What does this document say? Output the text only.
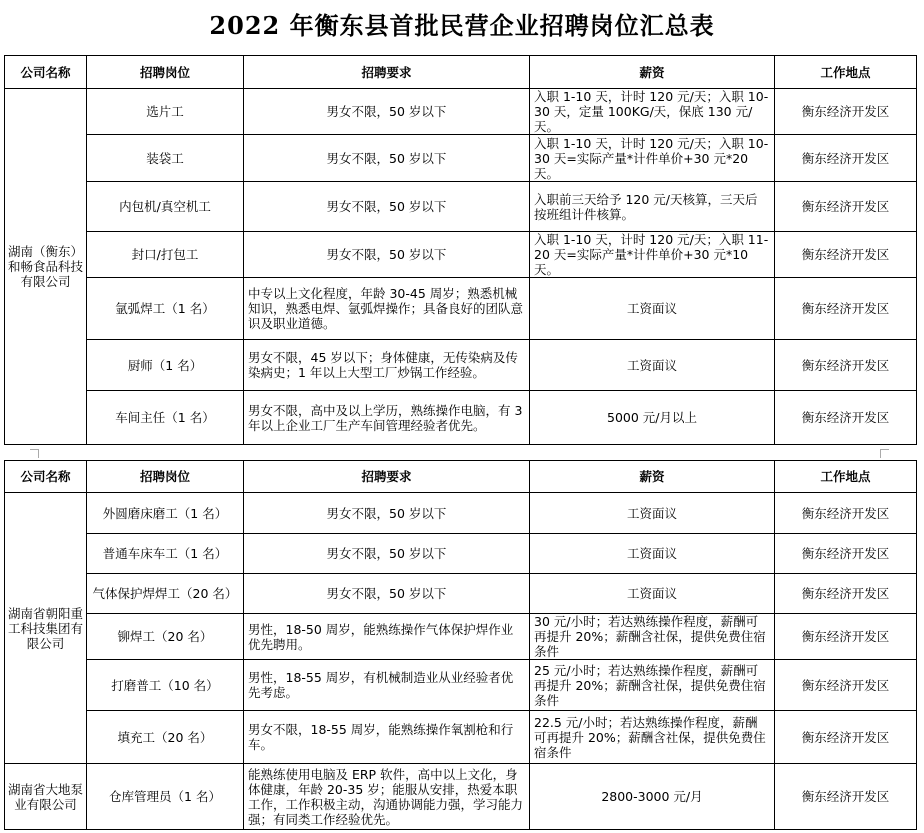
2022 年衡东县首批民营企业招聘岗位汇总表
公司名称	招聘岗位	招聘要求	薪资	工作地点
湖南（衡东）和畅食品科技有限公司	选片工	男女不限，50 岁以下	入职 1-10 天，计时 120 元/天；入职 10-30 天，定量 100KG/天，保底 130 元/天。	衡东经济开发区
	装袋工	男女不限，50 岁以下	入职 1-10 天，计时 120 元/天；入职 10-30 天=实际产量*计件单价+30 元*20 天。	衡东经济开发区
	内包机/真空机工	男女不限，50 岁以下	入职前三天给予 120 元/天核算，三天后按班组计件核算。	衡东经济开发区
	封口/打包工	男女不限，50 岁以下	入职 1-10 天，计时 120 元/天；入职 11-20 天=实际产量*计件单价+30 元*10 天。	衡东经济开发区
	氩弧焊工（1 名）	中专以上文化程度，年龄 30-45 周岁；熟悉机械知识，熟悉电焊、氩弧焊操作；具备良好的团队意识及职业道德。	工资面议	衡东经济开发区
	厨师（1 名）	男女不限，45 岁以下；身体健康，无传染病及传染病史；1 年以上大型工厂炒锅工作经验。	工资面议	衡东经济开发区
	车间主任（1 名）	男女不限，高中及以上学历，熟练操作电脑，有 3 年以上企业工厂生产车间管理经验者优先。	5000 元/月以上	衡东经济开发区
公司名称	招聘岗位	招聘要求	薪资	工作地点
湖南省朝阳重工科技集团有限公司	外圆磨床磨工（1 名）	男女不限，50 岁以下	工资面议	衡东经济开发区
	普通车床车工（1 名）	男女不限，50 岁以下	工资面议	衡东经济开发区
	气体保护焊焊工（20 名）	男女不限，50 岁以下	工资面议	衡东经济开发区
	铆焊工（20 名）	男性，18-50 周岁，能熟练操作气体保护焊作业优先聘用。	30 元/小时；若达熟练操作程度，薪酬可再提升 20%；薪酬含社保，提供免费住宿条件	衡东经济开发区
	打磨普工（10 名）	男性，18-55 周岁，有机械制造业从业经验者优先考虑。	25 元/小时；若达熟练操作程度，薪酬可再提升 20%；薪酬含社保，提供免费住宿条件	衡东经济开发区
	填充工（20 名）	男女不限，18-55 周岁，能熟练操作氧割枪和行车。	22.5 元/小时；若达熟练操作程度，薪酬可再提升 20%；薪酬含社保，提供免费住宿条件	衡东经济开发区
湖南省大地泵业有限公司	仓库管理员（1 名）	能熟练使用电脑及 ERP 软件，高中以上文化，身体健康，年龄 20-35 岁；能服从安排，热爱本职工作，工作积极主动，沟通协调能力强，学习能力强；有同类工作经验优先。	2800-3000 元/月	衡东经济开发区
